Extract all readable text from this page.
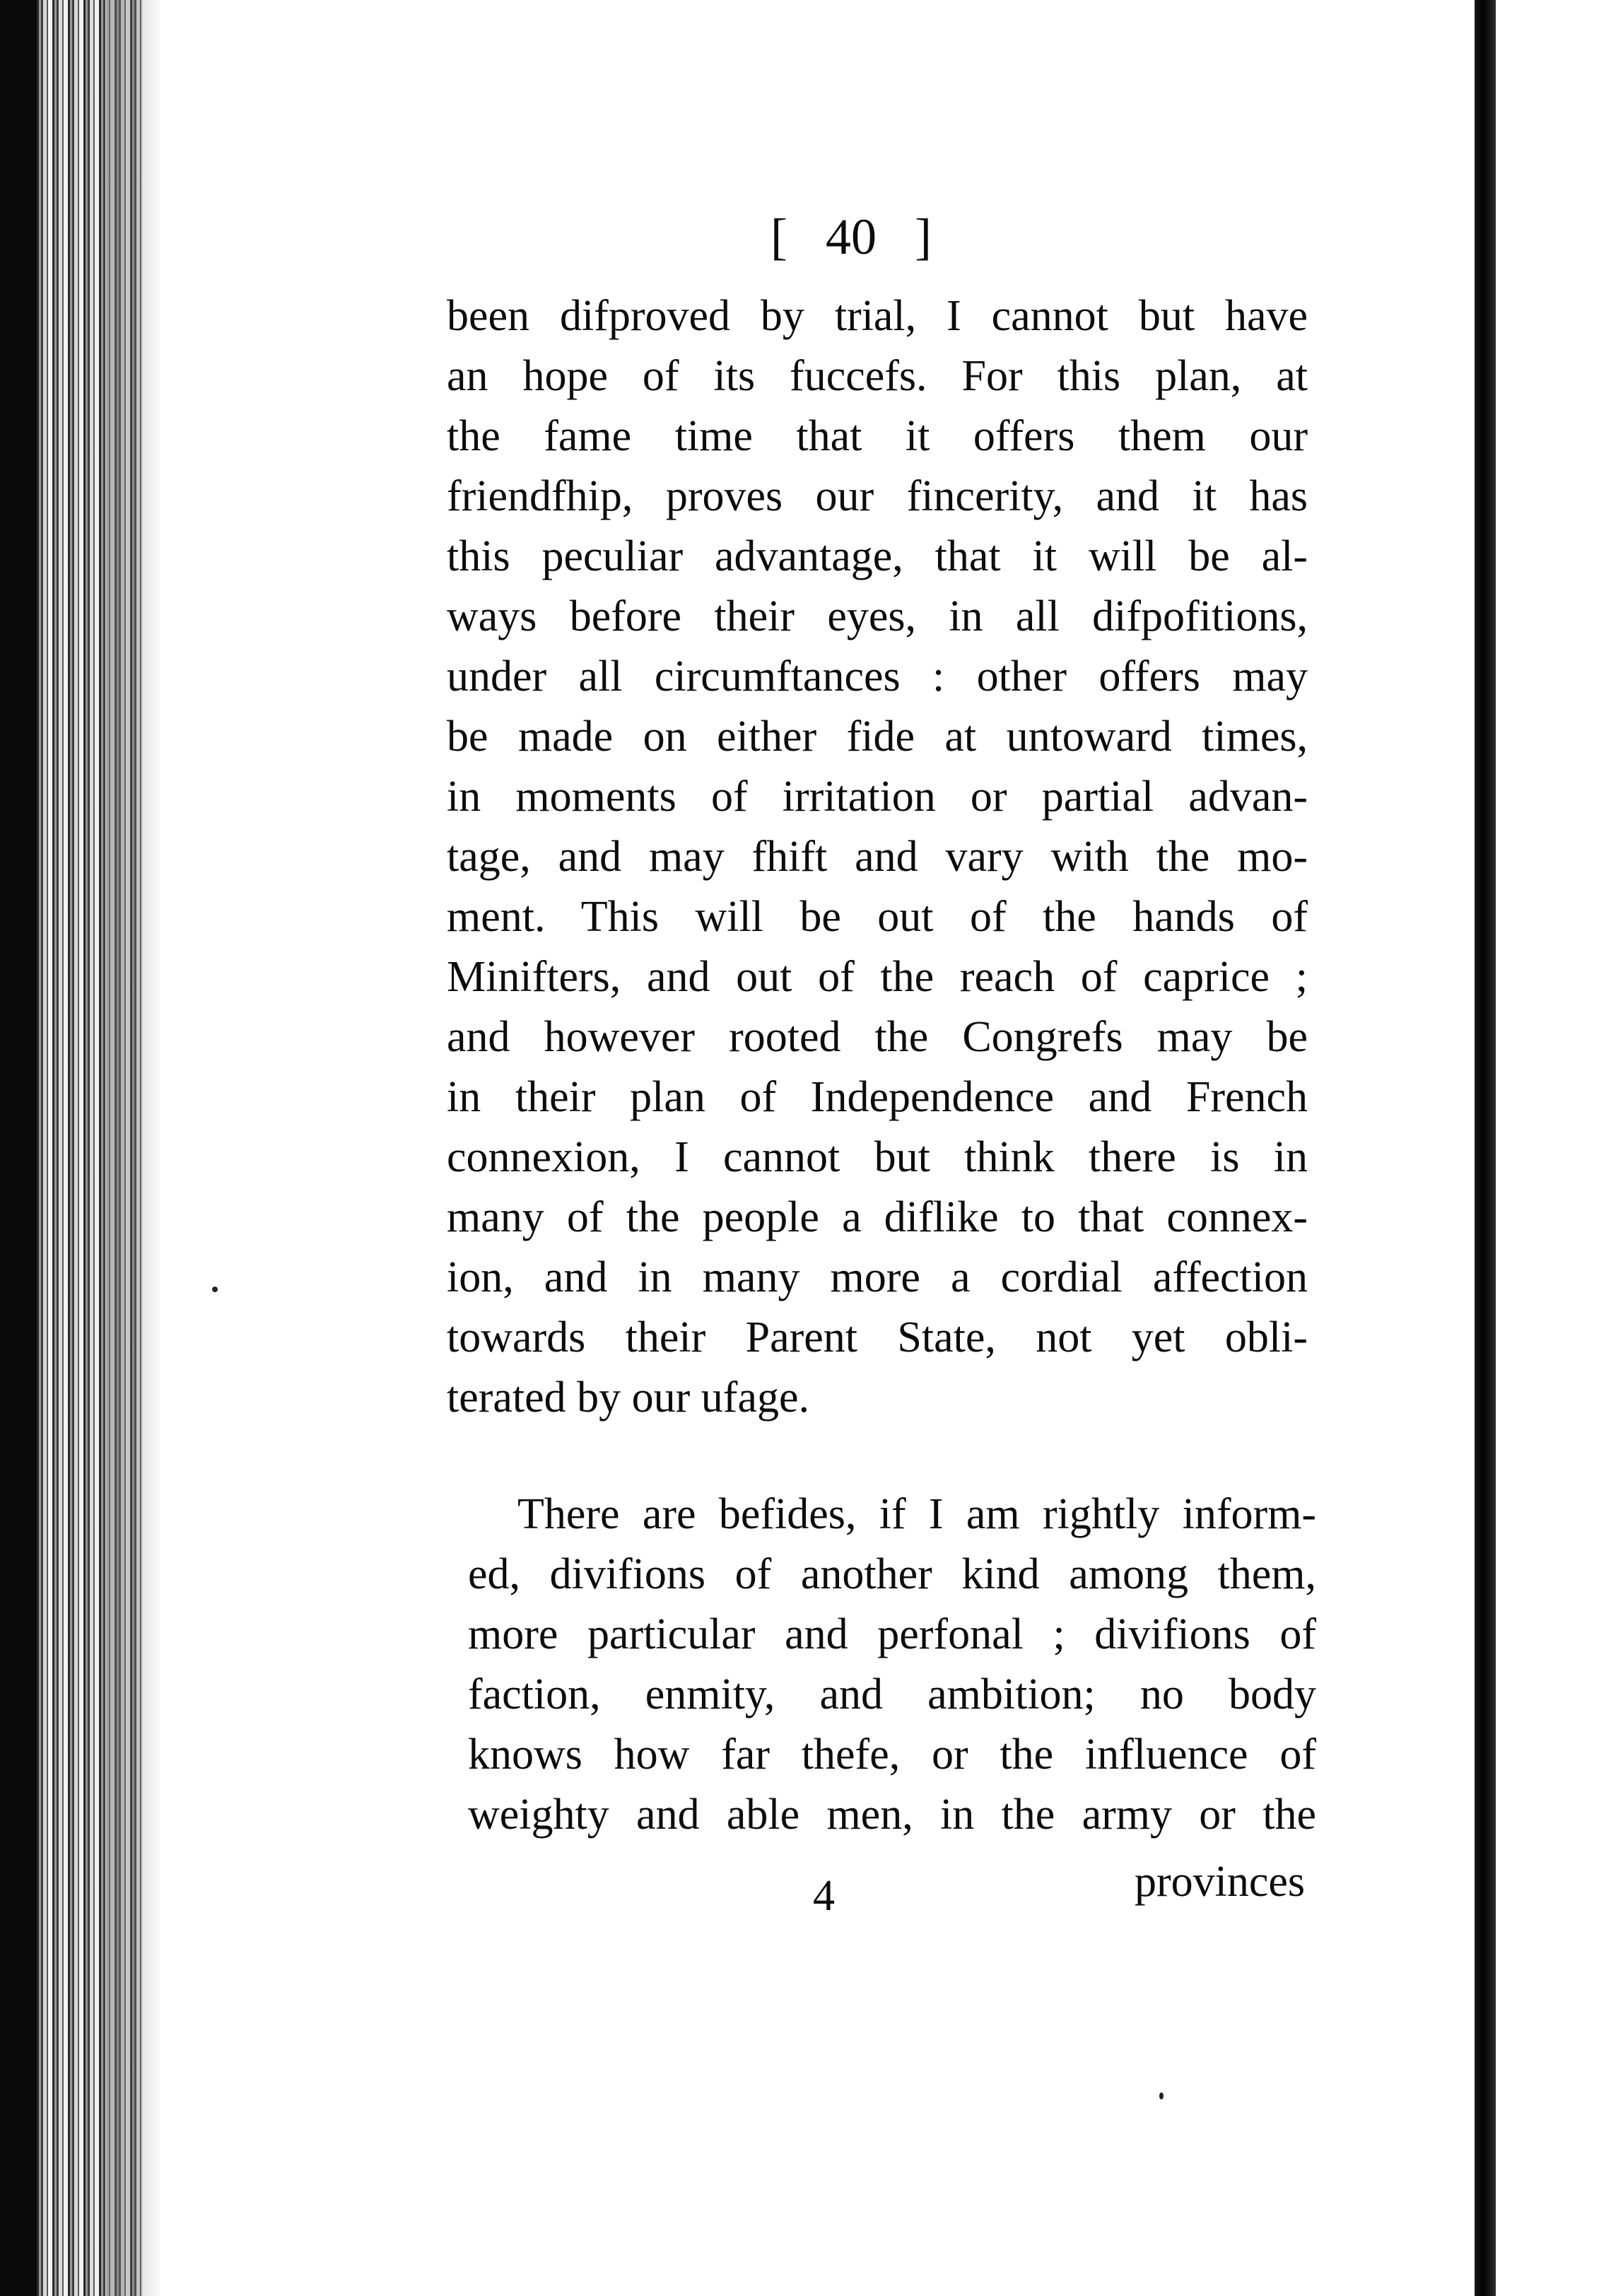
[ 40 ]
been difproved by trial, I cannot but have
an hope of its fuccefs. For this plan, at
the fame time that it offers them our
friendfhip, proves our fincerity, and it has
this peculiar advantage, that it will be al-
ways before their eyes, in all difpofitions,
under all circumftances : other offers may
be made on either fide at untoward times,
in moments of irritation or partial advan-
tage, and may fhift and vary with the mo-
ment. This will be out of the hands of
Minifters, and out of the reach of caprice ;
and however rooted the Congrefs may be
in their plan of Independence and French
connexion, I cannot but think there is in
many of the people a diflike to that connex-
ion, and in many more a cordial affection
towards their Parent State, not yet obli-
terated by our ufage.
There are befides, if I am rightly inform-
ed, divifions of another kind among them,
more particular and perfonal ; divifions of
faction, enmity, and ambition; no body
knows how far thefe, or the influence of
weighty and able men, in the army or the
4	provinces
